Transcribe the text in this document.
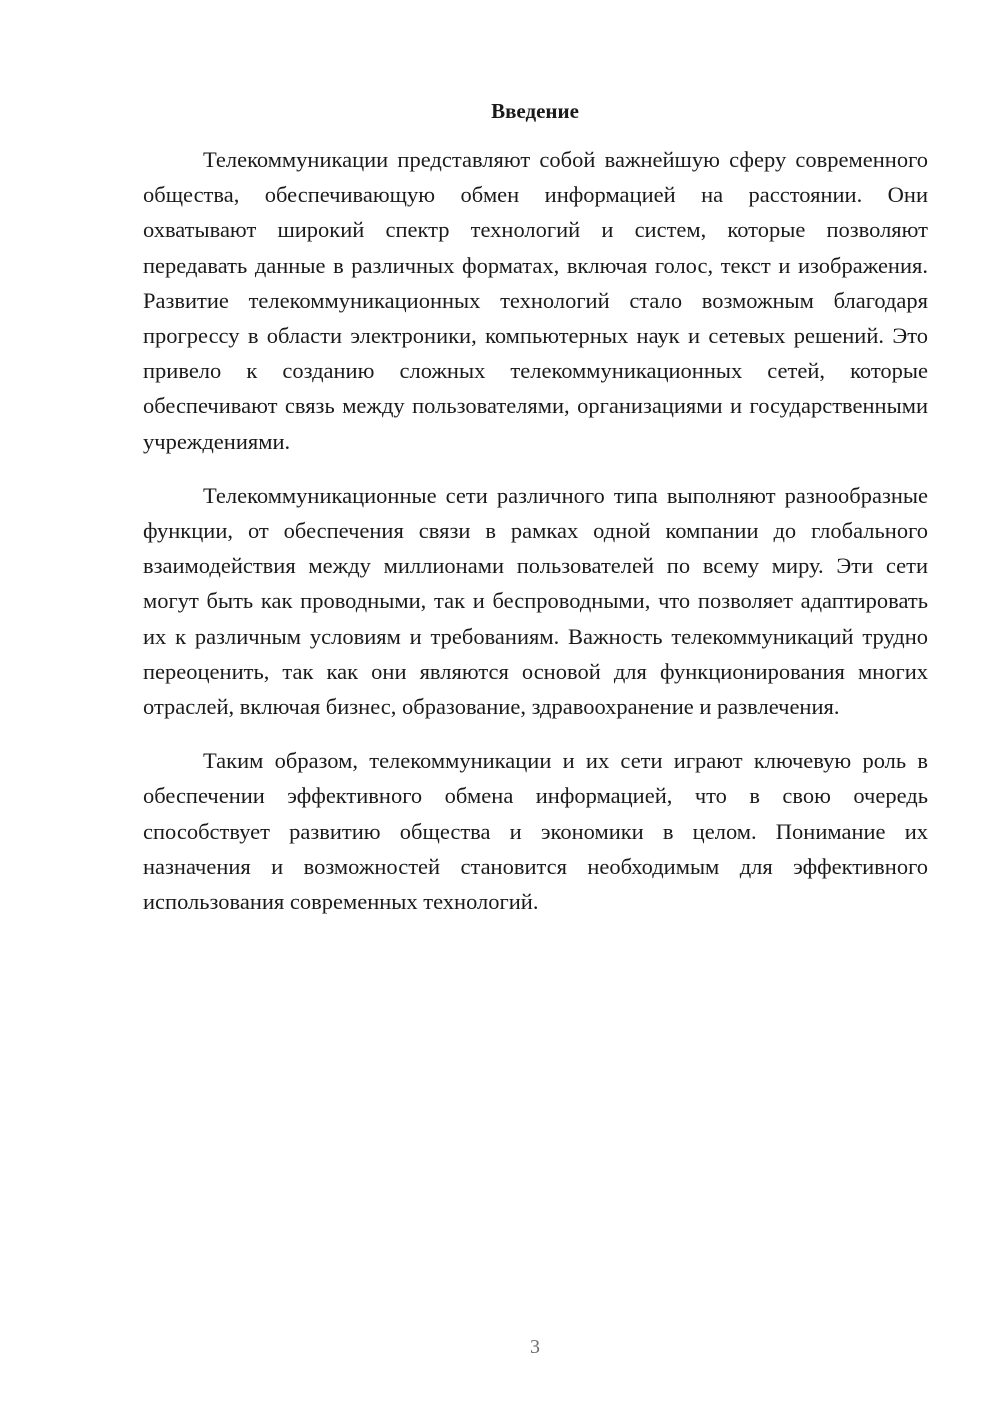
Введение

Телекоммуникации представляют собой важнейшую сферу современного общества, обеспечивающую обмен информацией на расстоянии. Они охватывают широкий спектр технологий и систем, которые позволяют передавать данные в различных форматах, включая голос, текст и изображения. Развитие телекоммуникационных технологий стало возможным благодаря прогрессу в области электроники, компьютерных наук и сетевых решений. Это привело к созданию сложных телекоммуникационных сетей, которые обеспечивают связь между пользователями, организациями и государственными учреждениями.

Телекоммуникационные сети различного типа выполняют разнообразные функции, от обеспечения связи в рамках одной компании до глобального взаимодействия между миллионами пользователей по всему миру. Эти сети могут быть как проводными, так и беспроводными, что позволяет адаптировать их к различным условиям и требованиям. Важность телекоммуникаций трудно переоценить, так как они являются основой для функционирования многих отраслей, включая бизнес, образование, здравоохранение и развлечения.

Таким образом, телекоммуникации и их сети играют ключевую роль в обеспечении эффективного обмена информацией, что в свою очередь способствует развитию общества и экономики в целом. Понимание их назначения и возможностей становится необходимым для эффективного использования современных технологий.

3
